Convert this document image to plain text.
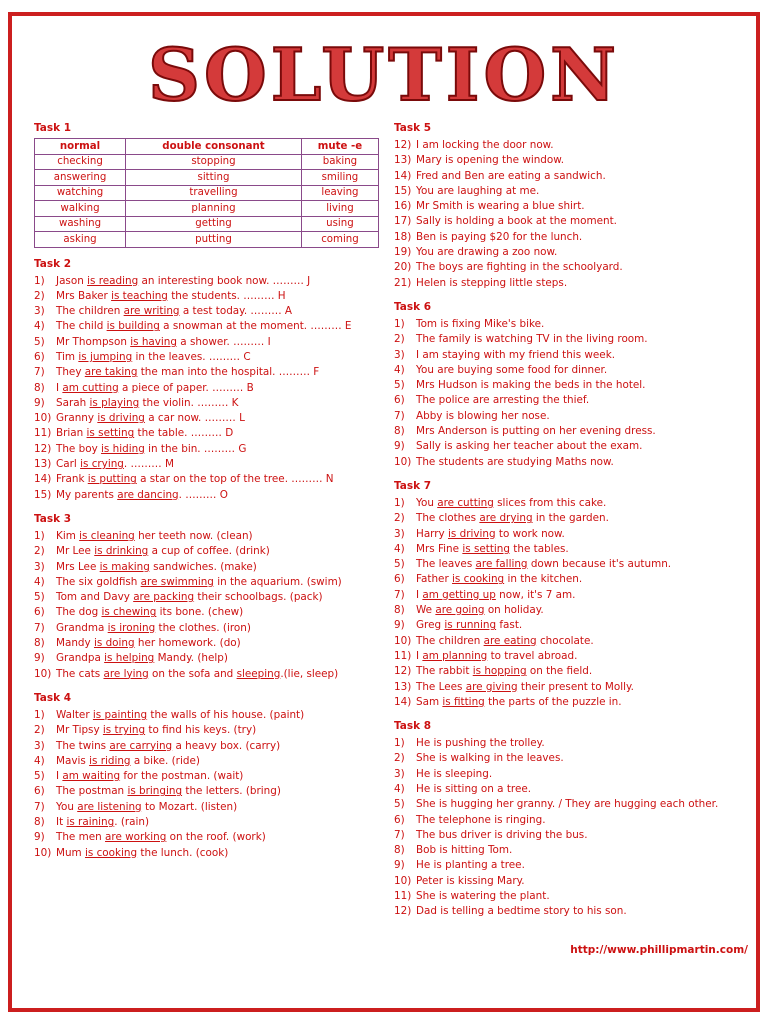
SOLUTION
Task 1
normal	double consonant	mute -e
checking	stopping	baking
answering	sitting	smiling
watching	travelling	leaving
walking	planning	living
washing	getting	using
asking	putting	coming
Task 2
1) Jason is reading an interesting book now. ……… J
2) Mrs Baker is teaching the students. ……… H
3) The children are writing a test today. ……… A
4) The child is building a snowman at the moment. ……… E
5) Mr Thompson is having a shower. ……… I
6) Tim is jumping in the leaves. ……… C
7) They are taking the man into the hospital. ……… F
8) I am cutting a piece of paper. ……… B
9) Sarah is playing the violin. ……… K
10) Granny is driving a car now. ……… L
11) Brian is setting the table. ……… D
12) The boy is hiding in the bin. ……… G
13) Carl is crying. ……… M
14) Frank is putting a star on the top of the tree. ……… N
15) My parents are dancing. ……… O
Task 3
1) Kim is cleaning her teeth now. (clean)
2) Mr Lee is drinking a cup of coffee. (drink)
3) Mrs Lee is making sandwiches. (make)
4) The six goldfish are swimming in the aquarium. (swim)
5) Tom and Davy are packing their schoolbags. (pack)
6) The dog is chewing its bone. (chew)
7) Grandma is ironing the clothes. (iron)
8) Mandy is doing her homework. (do)
9) Grandpa is helping Mandy. (help)
10) The cats are lying on the sofa and sleeping.(lie, sleep)
Task 4
1) Walter is painting the walls of his house. (paint)
2) Mr Tipsy is trying to find his keys. (try)
3) The twins are carrying a heavy box. (carry)
4) Mavis is riding a bike. (ride)
5) I am waiting for the postman. (wait)
6) The postman is bringing the letters. (bring)
7) You are listening to Mozart. (listen)
8) It is raining. (rain)
9) The men are working on the roof. (work)
10) Mum is cooking the lunch. (cook)
Task 5
12) I am locking the door now.
13) Mary is opening the window.
14) Fred and Ben are eating a sandwich.
15) You are laughing at me.
16) Mr Smith is wearing a blue shirt.
17) Sally is holding a book at the moment.
18) Ben is paying $20 for the lunch.
19) You are drawing a zoo now.
20) The boys are fighting in the schoolyard.
21) Helen is stepping little steps.
Task 6
1) Tom is fixing Mike's bike.
2) The family is watching TV in the living room.
3) I am staying with my friend this week.
4) You are buying some food for dinner.
5) Mrs Hudson is making the beds in the hotel.
6) The police are arresting the thief.
7) Abby is blowing her nose.
8) Mrs Anderson is putting on her evening dress.
9) Sally is asking her teacher about the exam.
10) The students are studying Maths now.
Task 7
1) You are cutting slices from this cake.
2) The clothes are drying in the garden.
3) Harry is driving to work now.
4) Mrs Fine is setting the tables.
5) The leaves are falling down because it's autumn.
6) Father is cooking in the kitchen.
7) I am getting up now, it's 7 am.
8) We are going on holiday.
9) Greg is running fast.
10) The children are eating chocolate.
11) I am planning to travel abroad.
12) The rabbit is hopping on the field.
13) The Lees are giving their present to Molly.
14) Sam is fitting the parts of the puzzle in.
Task 8
1) He is pushing the trolley.
2) She is walking in the leaves.
3) He is sleeping.
4) He is sitting on a tree.
5) She is hugging her granny. / They are hugging each other.
6) The telephone is ringing.
7) The bus driver is driving the bus.
8) Bob is hitting Tom.
9) He is planting a tree.
10) Peter is kissing Mary.
11) She is watering the plant.
12) Dad is telling a bedtime story to his son.
http://www.phillipmartin.com/
